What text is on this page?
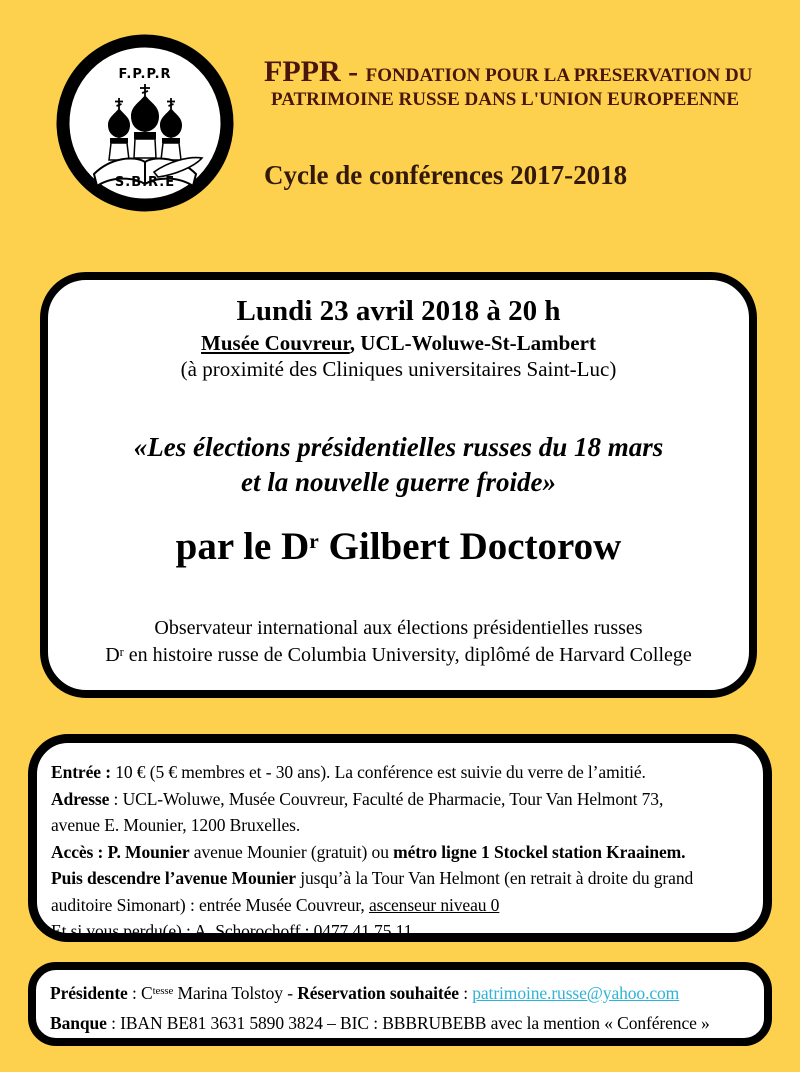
F.P.P.R
S.B.R.E
FPPR - FONDATION POUR LA PRESERVATION DU
PATRIMOINE RUSSE DANS L'UNION EUROPEENNE
Cycle de conférences 2017-2018
Lundi 23 avril 2018 à 20 h
Musée Couvreur, UCL-Woluwe-St-Lambert
(à proximité des Cliniques universitaires Saint-Luc)
«Les élections présidentielles russes du 18 mars
et la nouvelle guerre froide»
par le $D^r$ Gilbert Doctorow
Observateur international aux élections présidentielles russes
$D^r$ en histoire russe de Columbia University, diplômé de Harvard College
Entrée : 10 € (5 € membres et - 30 ans). La conférence est suivie du verre de l’amitié.
Adresse : UCL-Woluwe, Musée Couvreur, Faculté de Pharmacie, Tour Van Helmont 73,
avenue E. Mounier, 1200 Bruxelles.
Accès : P. Mounier avenue Mounier (gratuit) ou métro ligne 1 Stockel station Kraainem.
Puis descendre l’avenue Mounier jusqu’à la Tour Van Helmont (en retrait à droite du grand
auditoire Simonart) : entrée Musée Couvreur, ascenseur niveau 0
Et si vous perdu(e) : A. Schorochoff : 0477 41 75 11.
Présidente : $C^{tesse}$ Marina Tolstoy - Réservation souhaitée : patrimoine.russe@yahoo.com
Banque : IBAN BE81 3631 5890 3824 – BIC : BBBRUBEBB avec la mention « Conférence »
